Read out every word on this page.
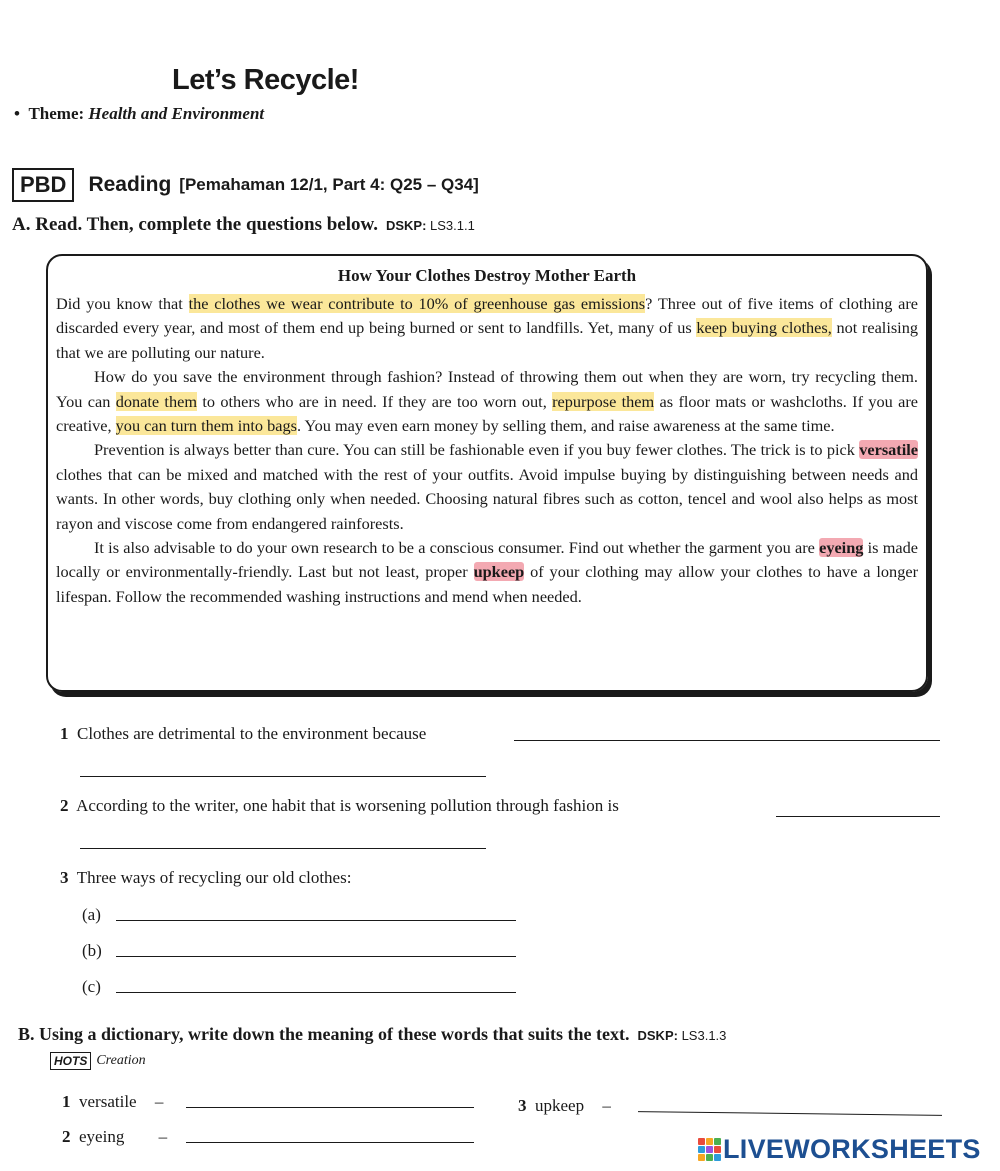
Let’s Recycle!
•  Theme: Health and Environment
PBD	Reading [Pemahaman 12/1, Part 4: Q25 – Q34]
A. Read. Then, complete the questions below. DSKP: LS3.1.1
How Your Clothes Destroy Mother Earth

Did you know that the clothes we wear contribute to 10% of greenhouse gas emissions? Three out of five items of clothing are discarded every year, and most of them end up being burned or sent to landfills. Yet, many of us keep buying clothes, not realising that we are polluting our nature.

How do you save the environment through fashion? Instead of throwing them out when they are worn, try recycling them. You can donate them to others who are in need. If they are too worn out, repurpose them as floor mats or washcloths. If you are creative, you can turn them into bags. You may even earn money by selling them, and raise awareness at the same time.

Prevention is always better than cure. You can still be fashionable even if you buy fewer clothes. The trick is to pick versatile clothes that can be mixed and matched with the rest of your outfits. Avoid impulse buying by distinguishing between needs and wants. In other words, buy clothing only when needed. Choosing natural fibres such as cotton, tencel and wool also helps as most rayon and viscose come from endangered rainforests.

It is also advisable to do your own research to be a conscious consumer. Find out whether the garment you are eyeing is made locally or environmentally-friendly. Last but not least, proper upkeep of your clothing may allow your clothes to have a longer lifespan. Follow the recommended washing instructions and mend when needed.

1 Clothes are detrimental to the environment because
2 According to the writer, one habit that is worsening pollution through fashion is
3 Three ways of recycling our old clothes:
(a)
(b)
(c)
B. Using a dictionary, write down the meaning of these words that suits the text. DSKP: LS3.1.3
HOTS Creation
1 versatile –
2 eyeing –
3 upkeep –
LIVEWORKSHEETS
